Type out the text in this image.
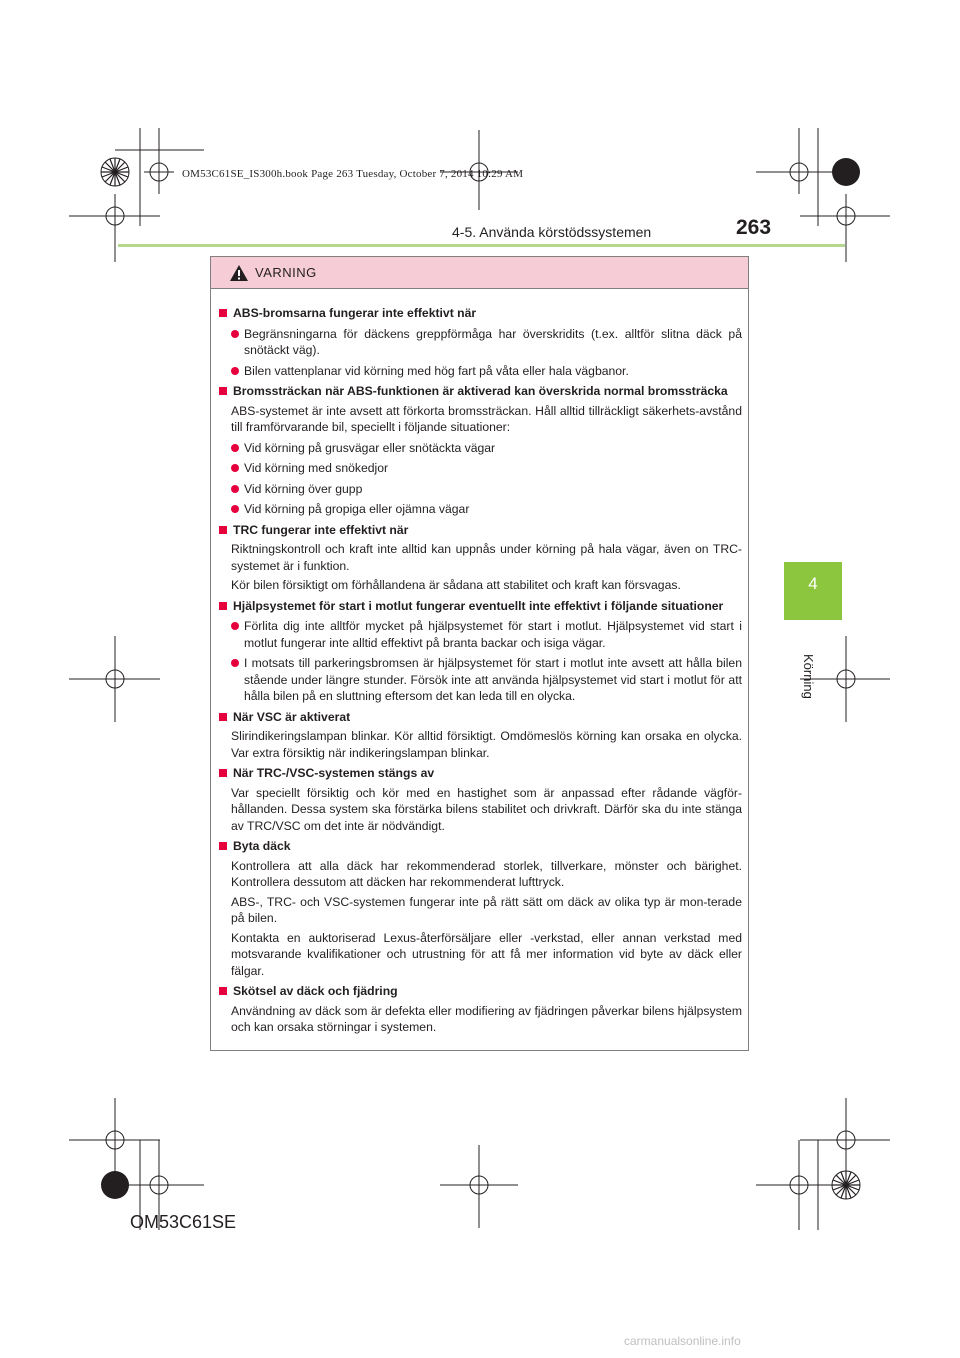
OM53C61SE_IS300h.book Page 263 Tuesday, October 7, 2014 10:29 AM
4-5. Använda körstödssystemen	263
4
Körning
VARNING
ABS-bromsarna fungerar inte effektivt när
Begränsningarna för däckens greppförmåga har överskridits (t.ex. alltför slitna däck på snötäckt väg).
Bilen vattenplanar vid körning med hög fart på våta eller hala vägbanor.
Bromssträckan när ABS-funktionen är aktiverad kan överskrida normal bromssträcka
ABS-systemet är inte avsett att förkorta bromssträckan. Håll alltid tillräckligt säkerhets-avstånd till framförvarande bil, speciellt i följande situationer:
Vid körning på grusvägar eller snötäckta vägar
Vid körning med snökedjor
Vid körning över gupp
Vid körning på gropiga eller ojämna vägar
TRC fungerar inte effektivt när
Riktningskontroll och kraft inte alltid kan uppnås under körning på hala vägar, även on TRC-systemet är i funktion.
Kör bilen försiktigt om förhållandena är sådana att stabilitet och kraft kan försvagas.
Hjälpsystemet för start i motlut fungerar eventuellt inte effektivt i följande situationer
Förlita dig inte alltför mycket på hjälpsystemet för start i motlut. Hjälpsystemet vid start i motlut fungerar inte alltid effektivt på branta backar och isiga vägar.
I motsats till parkeringsbromsen är hjälpsystemet för start i motlut inte avsett att hålla bilen stående under längre stunder. Försök inte att använda hjälpsystemet vid start i motlut för att hålla bilen på en sluttning eftersom det kan leda till en olycka.
När VSC är aktiverat
Slirindikeringslampan blinkar. Kör alltid försiktigt. Omdömeslös körning kan orsaka en olycka. Var extra försiktig när indikeringslampan blinkar.
När TRC-/VSC-systemen stängs av
Var speciellt försiktig och kör med en hastighet som är anpassad efter rådande vägför-hållanden. Dessa system ska förstärka bilens stabilitet och drivkraft. Därför ska du inte stänga av TRC/VSC om det inte är nödvändigt.
Byta däck
Kontrollera att alla däck har rekommenderad storlek, tillverkare, mönster och bärighet. Kontrollera dessutom att däcken har rekommenderat lufttryck.
ABS-, TRC- och VSC-systemen fungerar inte på rätt sätt om däck av olika typ är mon-terade på bilen.
Kontakta en auktoriserad Lexus-återförsäljare eller -verkstad, eller annan verkstad med motsvarande kvalifikationer och utrustning för att få mer information vid byte av däck eller fälgar.
Skötsel av däck och fjädring
Användning av däck som är defekta eller modifiering av fjädringen påverkar bilens hjälpsystem och kan orsaka störningar i systemen.
OM53C61SE
carmanualsonline.info
